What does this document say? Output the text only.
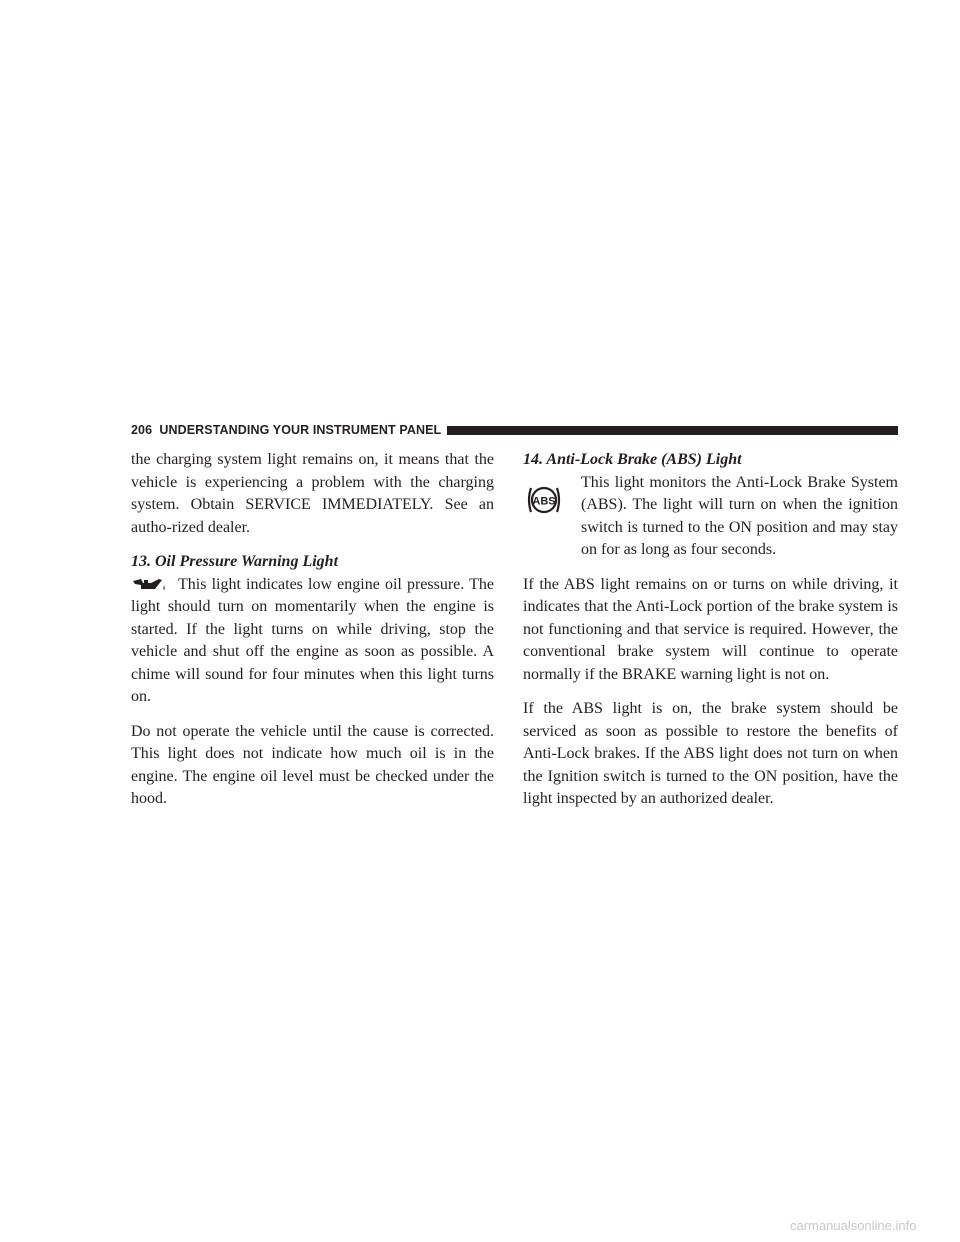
206 UNDERSTANDING YOUR INSTRUMENT PANEL

the charging system light remains on, it means that the vehicle is experiencing a problem with the charging system. Obtain SERVICE IMMEDIATELY. See an autho-rized dealer.

13. Oil Pressure Warning Light

This light indicates low engine oil pressure. The light should turn on momentarily when the engine is started. If the light turns on while driving, stop the vehicle and shut off the engine as soon as possible. A chime will sound for four minutes when this light turns on.

Do not operate the vehicle until the cause is corrected. This light does not indicate how much oil is in the engine. The engine oil level must be checked under the hood.

14. Anti-Lock Brake (ABS) Light

ABS
This light monitors the Anti-Lock Brake System (ABS). The light will turn on when the ignition switch is turned to the ON position and may stay on for as long as four seconds.

If the ABS light remains on or turns on while driving, it indicates that the Anti-Lock portion of the brake system is not functioning and that service is required. However, the conventional brake system will continue to operate normally if the BRAKE warning light is not on.

If the ABS light is on, the brake system should be serviced as soon as possible to restore the benefits of Anti-Lock brakes. If the ABS light does not turn on when the Ignition switch is turned to the ON position, have the light inspected by an authorized dealer.

carmanualsonline.info
